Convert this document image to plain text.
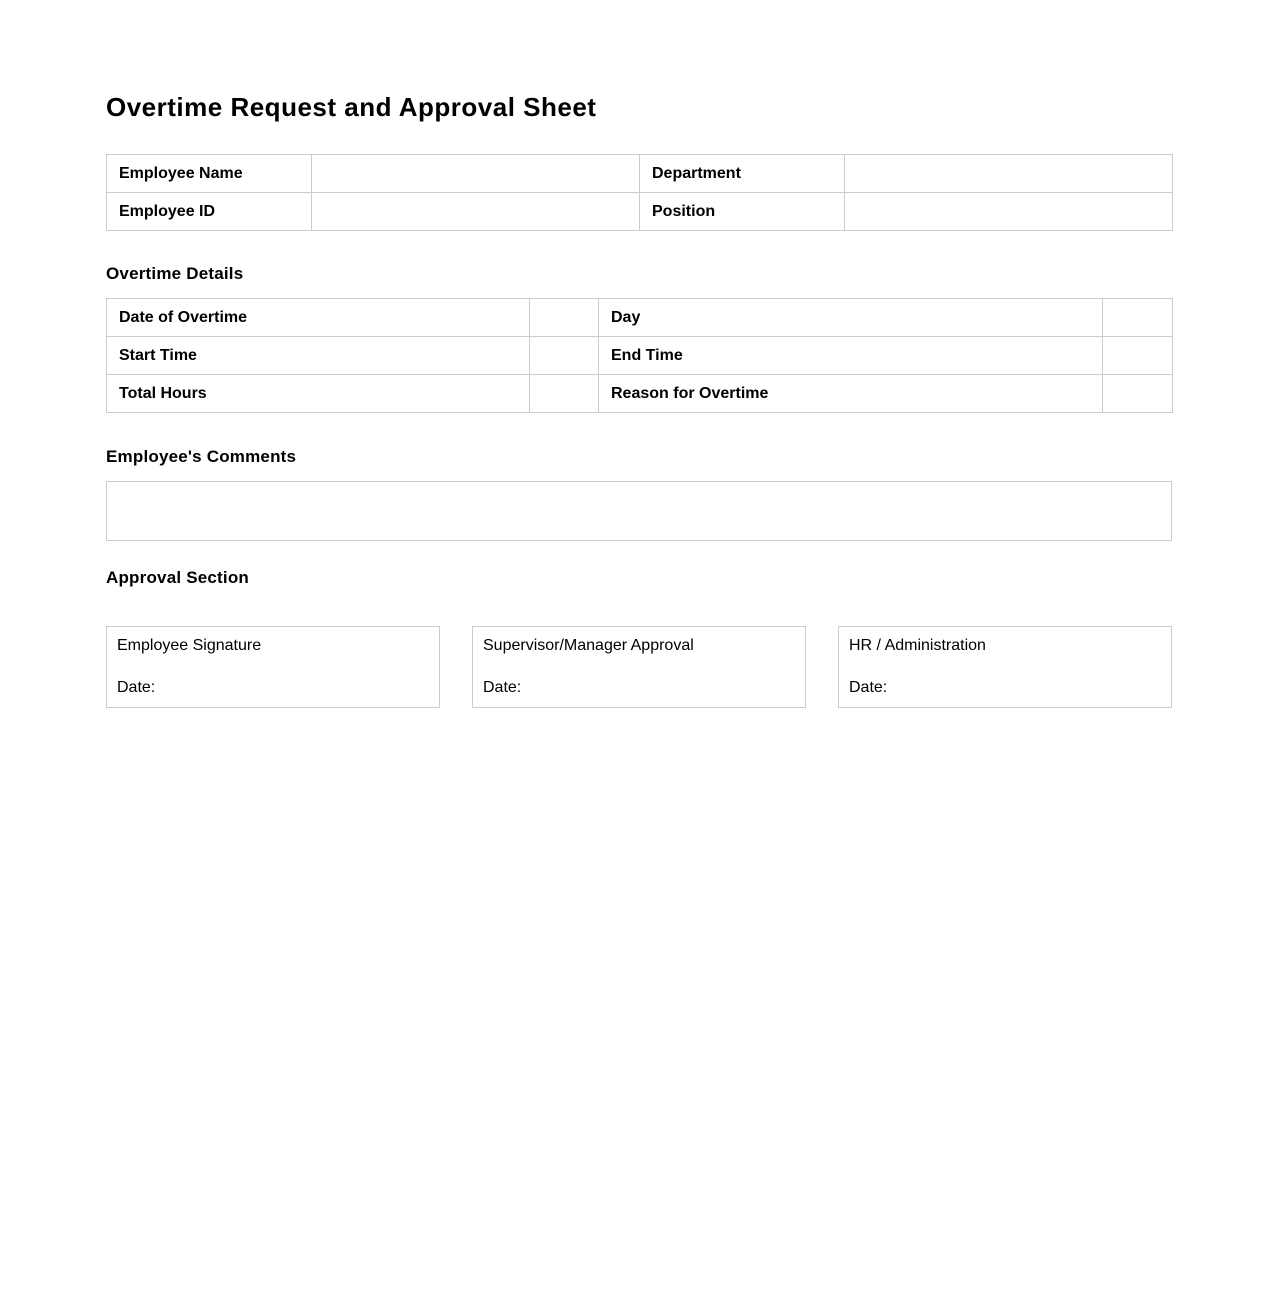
Overtime Request and Approval Sheet
Employee Name		Department	
Employee ID		Position	
Overtime Details
Date of Overtime		Day	
Start Time		End Time	
Total Hours		Reason for Overtime	
Employee's Comments
Approval Section
Employee Signature
Date:
Supervisor/Manager Approval
Date:
HR / Administration
Date:
